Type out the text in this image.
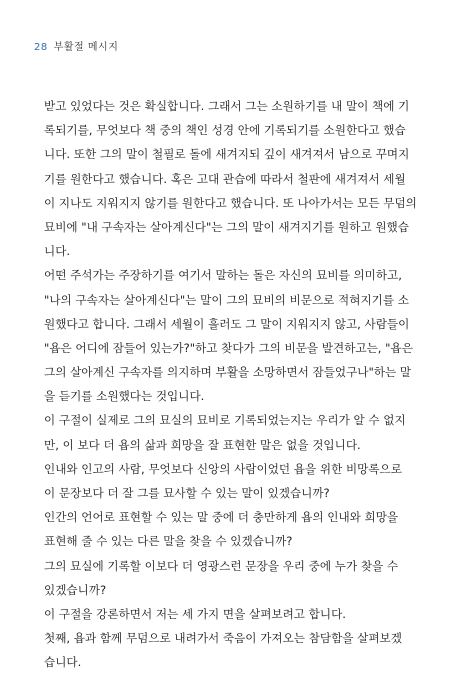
28 부활절 메시지
받고 있었다는 것은 확실합니다. 그래서 그는 소원하기를 내 말이 책에 기
록되기를, 무엇보다 책 중의 책인 성경 안에 기록되기를 소원한다고 했습
니다. 또한 그의 말이 철필로 돌에 새겨지되 깊이 새겨져서 남으로 꾸며지
기를 원한다고 했습니다. 혹은 고대 관습에 따라서 철판에 새겨져서 세월
이 지나도 지워지지 않기를 원한다고 했습니다. 또 나아가서는 모든 무덤의
묘비에 "내 구속자는 살아계신다"는 그의 말이 새겨지기를 원하고 원했습
니다.
어떤 주석가는 주장하기를 여기서 말하는 돌은 자신의 묘비를 의미하고,
"나의 구속자는 살아계신다"는 말이 그의 묘비의 비문으로 적혀지기를 소
원했다고 합니다. 그래서 세월이 흘러도 그 말이 지워지지 않고, 사람들이
"욥은 어디에 잠들어 있는가?"하고 찾다가 그의 비문을 발견하고는, "욥은
그의 살아계신 구속자를 의지하며 부활을 소망하면서 잠들었구나"하는 말
을 듣기를 소원했다는 것입니다.
이 구절이 실제로 그의 묘실의 묘비로 기록되었는지는 우리가 알 수 없지
만, 이 보다 더 욥의 삶과 희망을 잘 표현한 말은 없을 것입니다.
인내와 인고의 사람, 무엇보다 신앙의 사람이었던 욥을 위한 비망록으로
이 문장보다 더 잘 그를 묘사할 수 있는 말이 있겠습니까?
인간의 언어로 표현할 수 있는 말 중에 더 충만하게 욥의 인내와 희망을
표현해 줄 수 있는 다른 말을 찾을 수 있겠습니까?
그의 묘실에 기록할 이보다 더 영광스런 문장을 우리 중에 누가 찾을 수
있겠습니까?
이 구절을 강론하면서 저는 세 가지 면을 살펴보려고 합니다.
첫째, 욥과 함께 무덤으로 내려가서 죽음이 가져오는 참담함을 살펴보겠
습니다.
